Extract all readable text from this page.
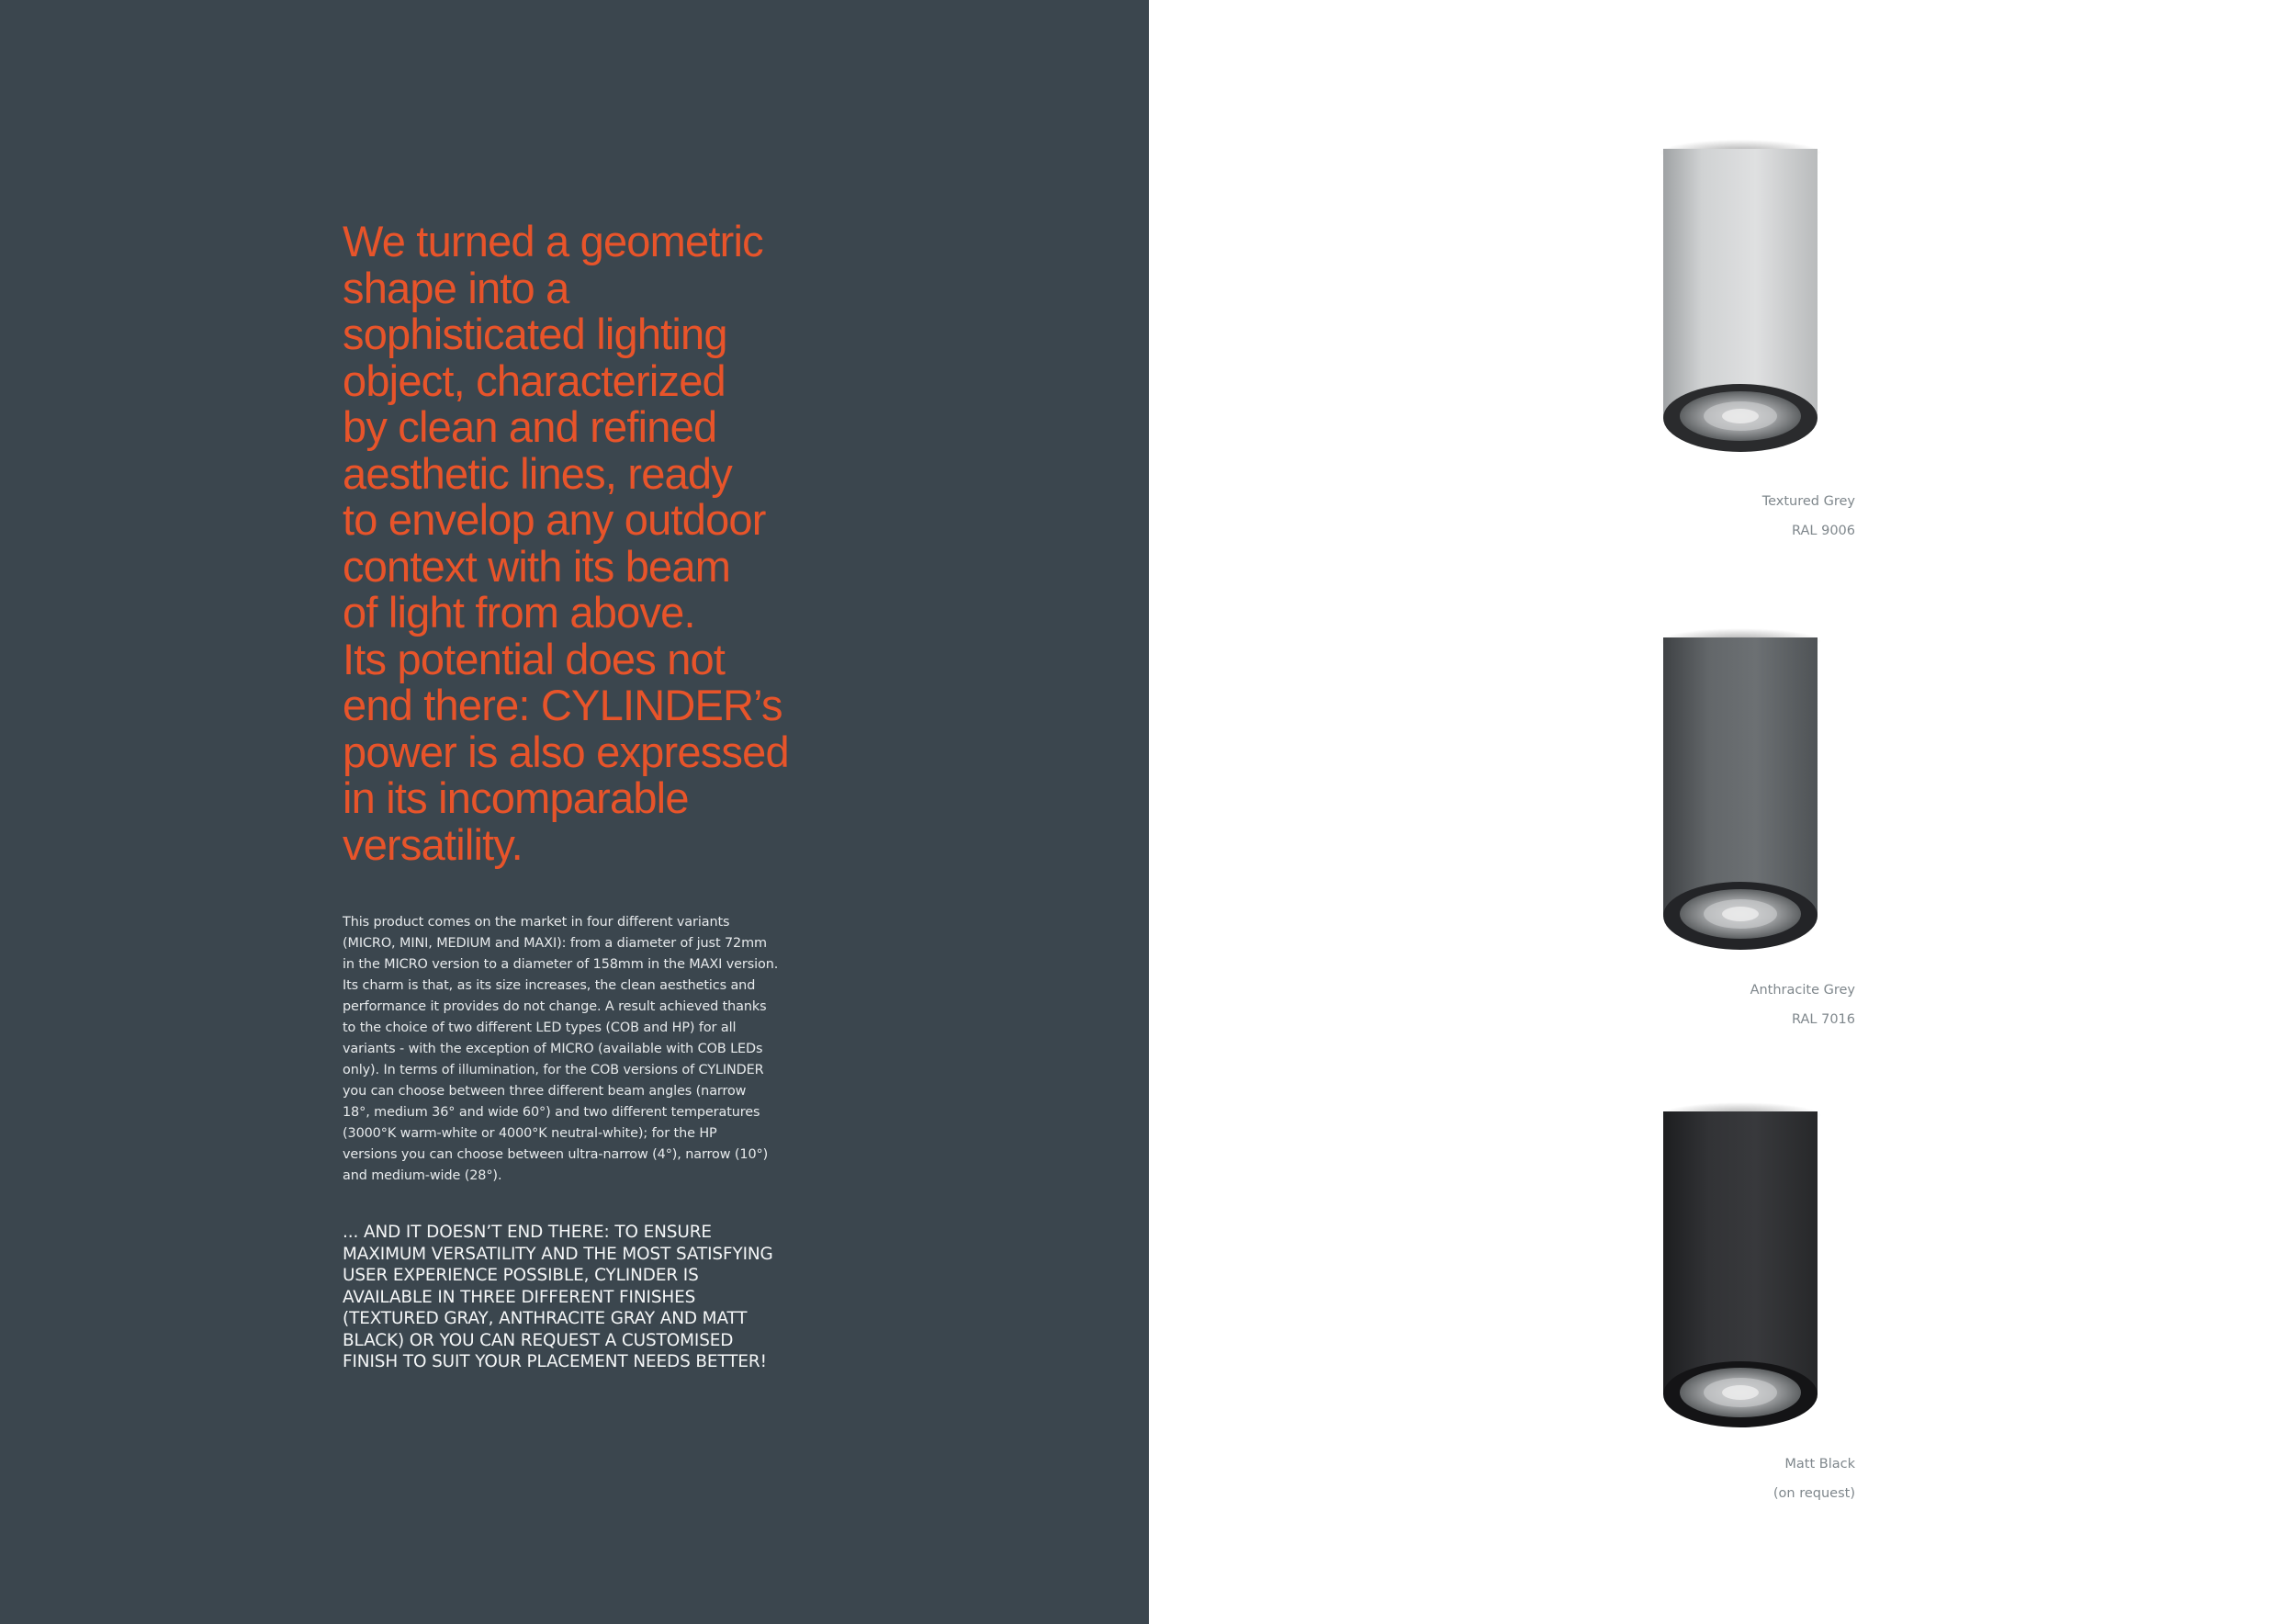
We turned a geometric
shape into a
sophisticated lighting
object, characterized
by clean and refined
aesthetic lines, ready
to envelop any outdoor
context with its beam
of light from above.
Its potential does not
end there: CYLINDER’s
power is also expressed
in its incomparable
versatility.

This product comes on the market in four different variants
(MICRO, MINI, MEDIUM and MAXI): from a diameter of just 72mm
in the MICRO version to a diameter of 158mm in the MAXI version.
Its charm is that, as its size increases, the clean aesthetics and
performance it provides do not change. A result achieved thanks
to the choice of two different LED types (COB and HP) for all
variants - with the exception of MICRO (available with COB LEDs
only). In terms of illumination, for the COB versions of CYLINDER
you can choose between three different beam angles (narrow
18°, medium 36° and wide 60°) and two different temperatures
(3000°K warm-white or 4000°K neutral-white); for the HP
versions you can choose between ultra-narrow (4°), narrow (10°)
and medium-wide (28°).

... AND IT DOESN’T END THERE: TO ENSURE
MAXIMUM VERSATILITY AND THE MOST SATISFYING
USER EXPERIENCE POSSIBLE, CYLINDER IS
AVAILABLE IN THREE DIFFERENT FINISHES
(TEXTURED GRAY, ANTHRACITE GRAY AND MATT
BLACK) OR YOU CAN REQUEST A CUSTOMISED
FINISH TO SUIT YOUR PLACEMENT NEEDS BETTER!

Textured Grey

RAL 9006

Anthracite Grey

RAL 7016

Matt Black

(on request)
